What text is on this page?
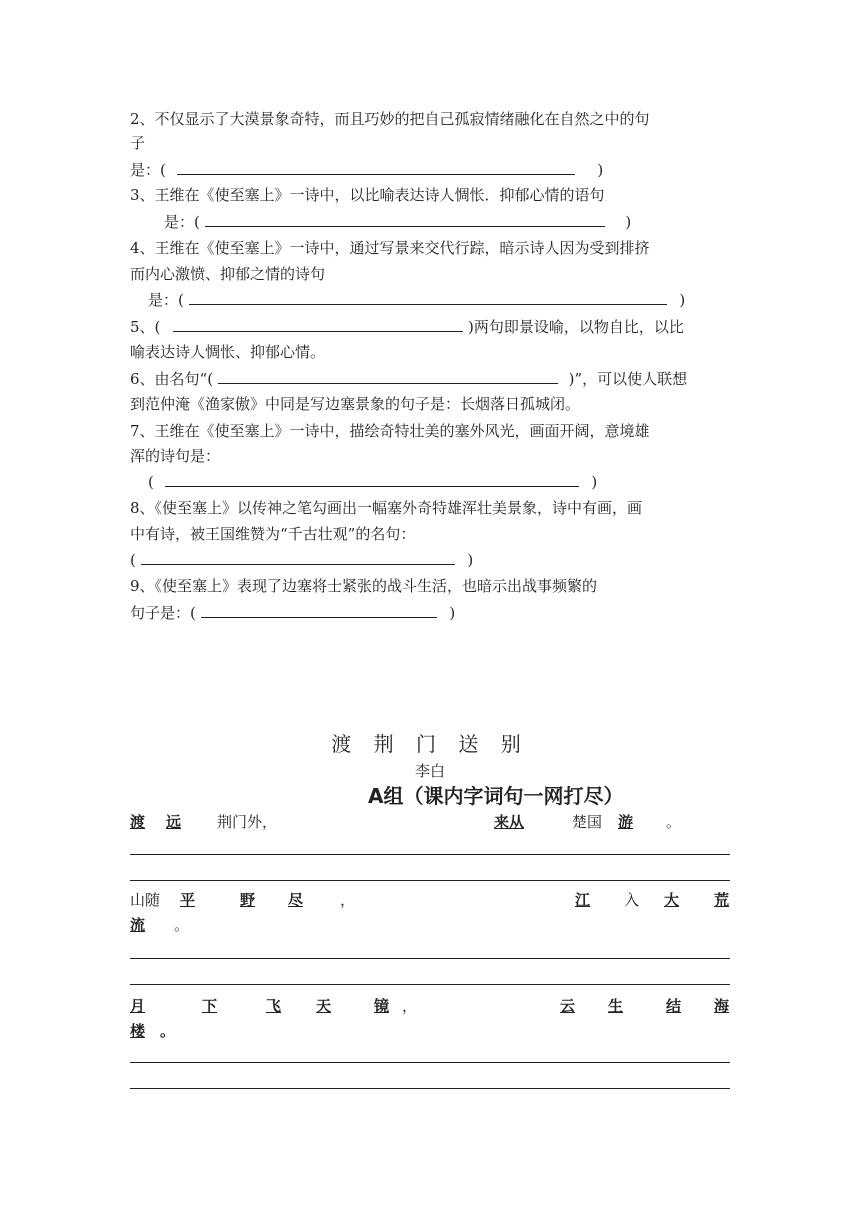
2、不仅显示了大漠景象奇特，而且巧妙的把自己孤寂情绪融化在自然之中的句
子
是：(	)
3、王维在《使至塞上》一诗中，以比喻表达诗人惆怅．抑郁心情的语句
是：(	)
4、王维在《使至塞上》一诗中，通过写景来交代行踪，暗示诗人因为受到排挤
而内心激愤、抑郁之情的诗句
是：(	)
5、(	)两句即景设喻，以物自比，以比
喻表达诗人惆怅、抑郁心情。
6、由名句“(	)”，可以使人联想
到范仲淹《渔家傲》中同是写边塞景象的句子是：长烟落日孤城闭。
7、王维在《使至塞上》一诗中，描绘奇特壮美的塞外风光，画面开阔，意境雄
浑的诗句是：
(	)
8、《使至塞上》以传神之笔勾画出一幅塞外奇特雄浑壮美景象，诗中有画，画
中有诗，被王国维赞为“千古壮观”的名句：
(	)
9、《使至塞上》表现了边塞将士紧张的战斗生活，也暗示出战事频繁的
句子是：(	)
渡 荆 门 送 别
李白
A组（课内字词句一网打尽）
渡 远 荆门外，	来从	楚国 游 。
山随 平	野 尽 ，	江 入 大 荒
流 。
月	下	飞 天	镜 ，	云 生	结 海
楼 。
